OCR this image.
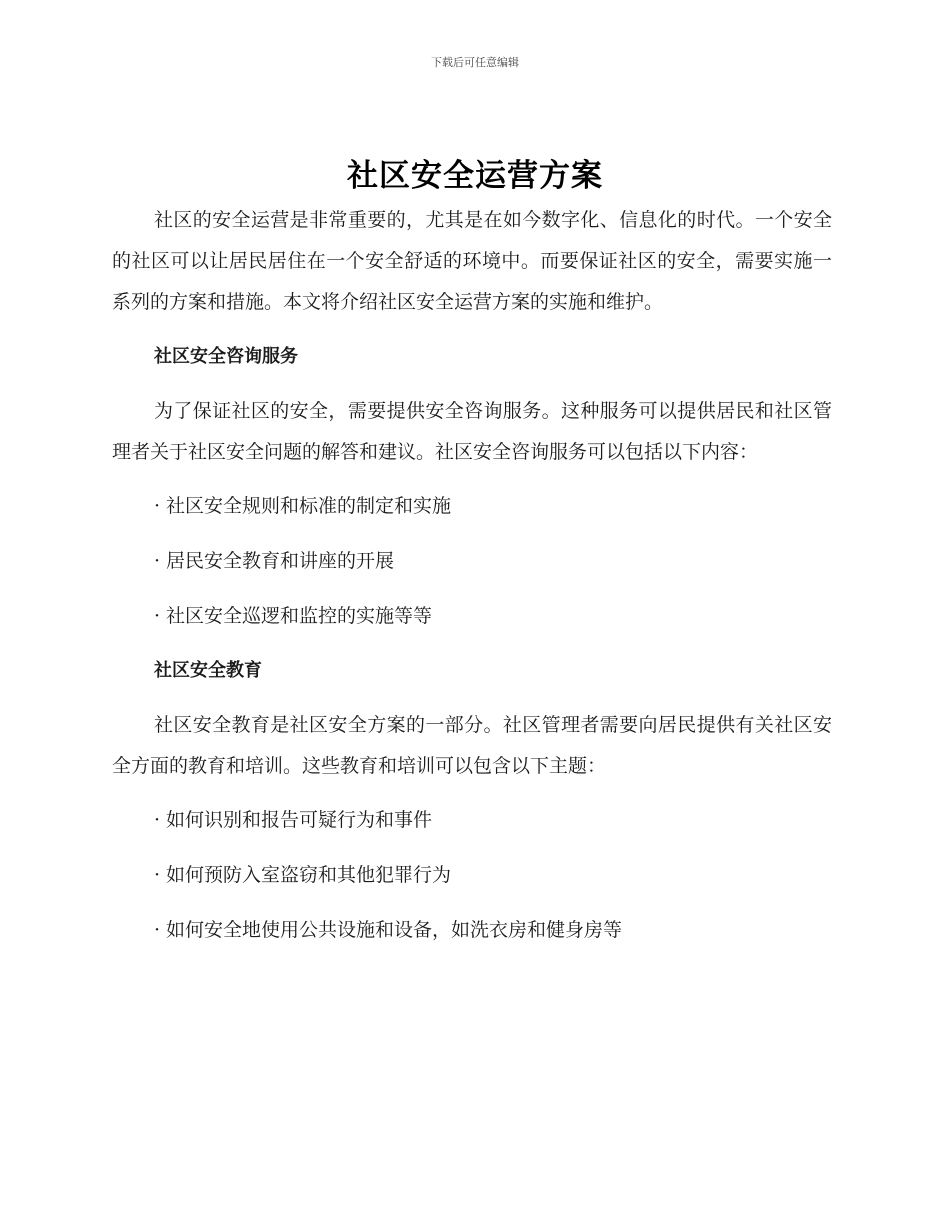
下载后可任意编辑
社区安全运营方案

社区的安全运营是非常重要的，尤其是在如今数字化、信息化的时代。一个安全的社区可以让居民居住在一个安全舒适的环境中。而要保证社区的安全，需要实施一系列的方案和措施。本文将介绍社区安全运营方案的实施和维护。

社区安全咨询服务

为了保证社区的安全，需要提供安全咨询服务。这种服务可以提供居民和社区管理者关于社区安全问题的解答和建议。社区安全咨询服务可以包括以下内容：

· 社区安全规则和标准的制定和实施
· 居民安全教育和讲座的开展
· 社区安全巡逻和监控的实施等等
社区安全教育

社区安全教育是社区安全方案的一部分。社区管理者需要向居民提供有关社区安全方面的教育和培训。这些教育和培训可以包含以下主题：

· 如何识别和报告可疑行为和事件
· 如何预防入室盗窃和其他犯罪行为
· 如何安全地使用公共设施和设备，如洗衣房和健身房等
